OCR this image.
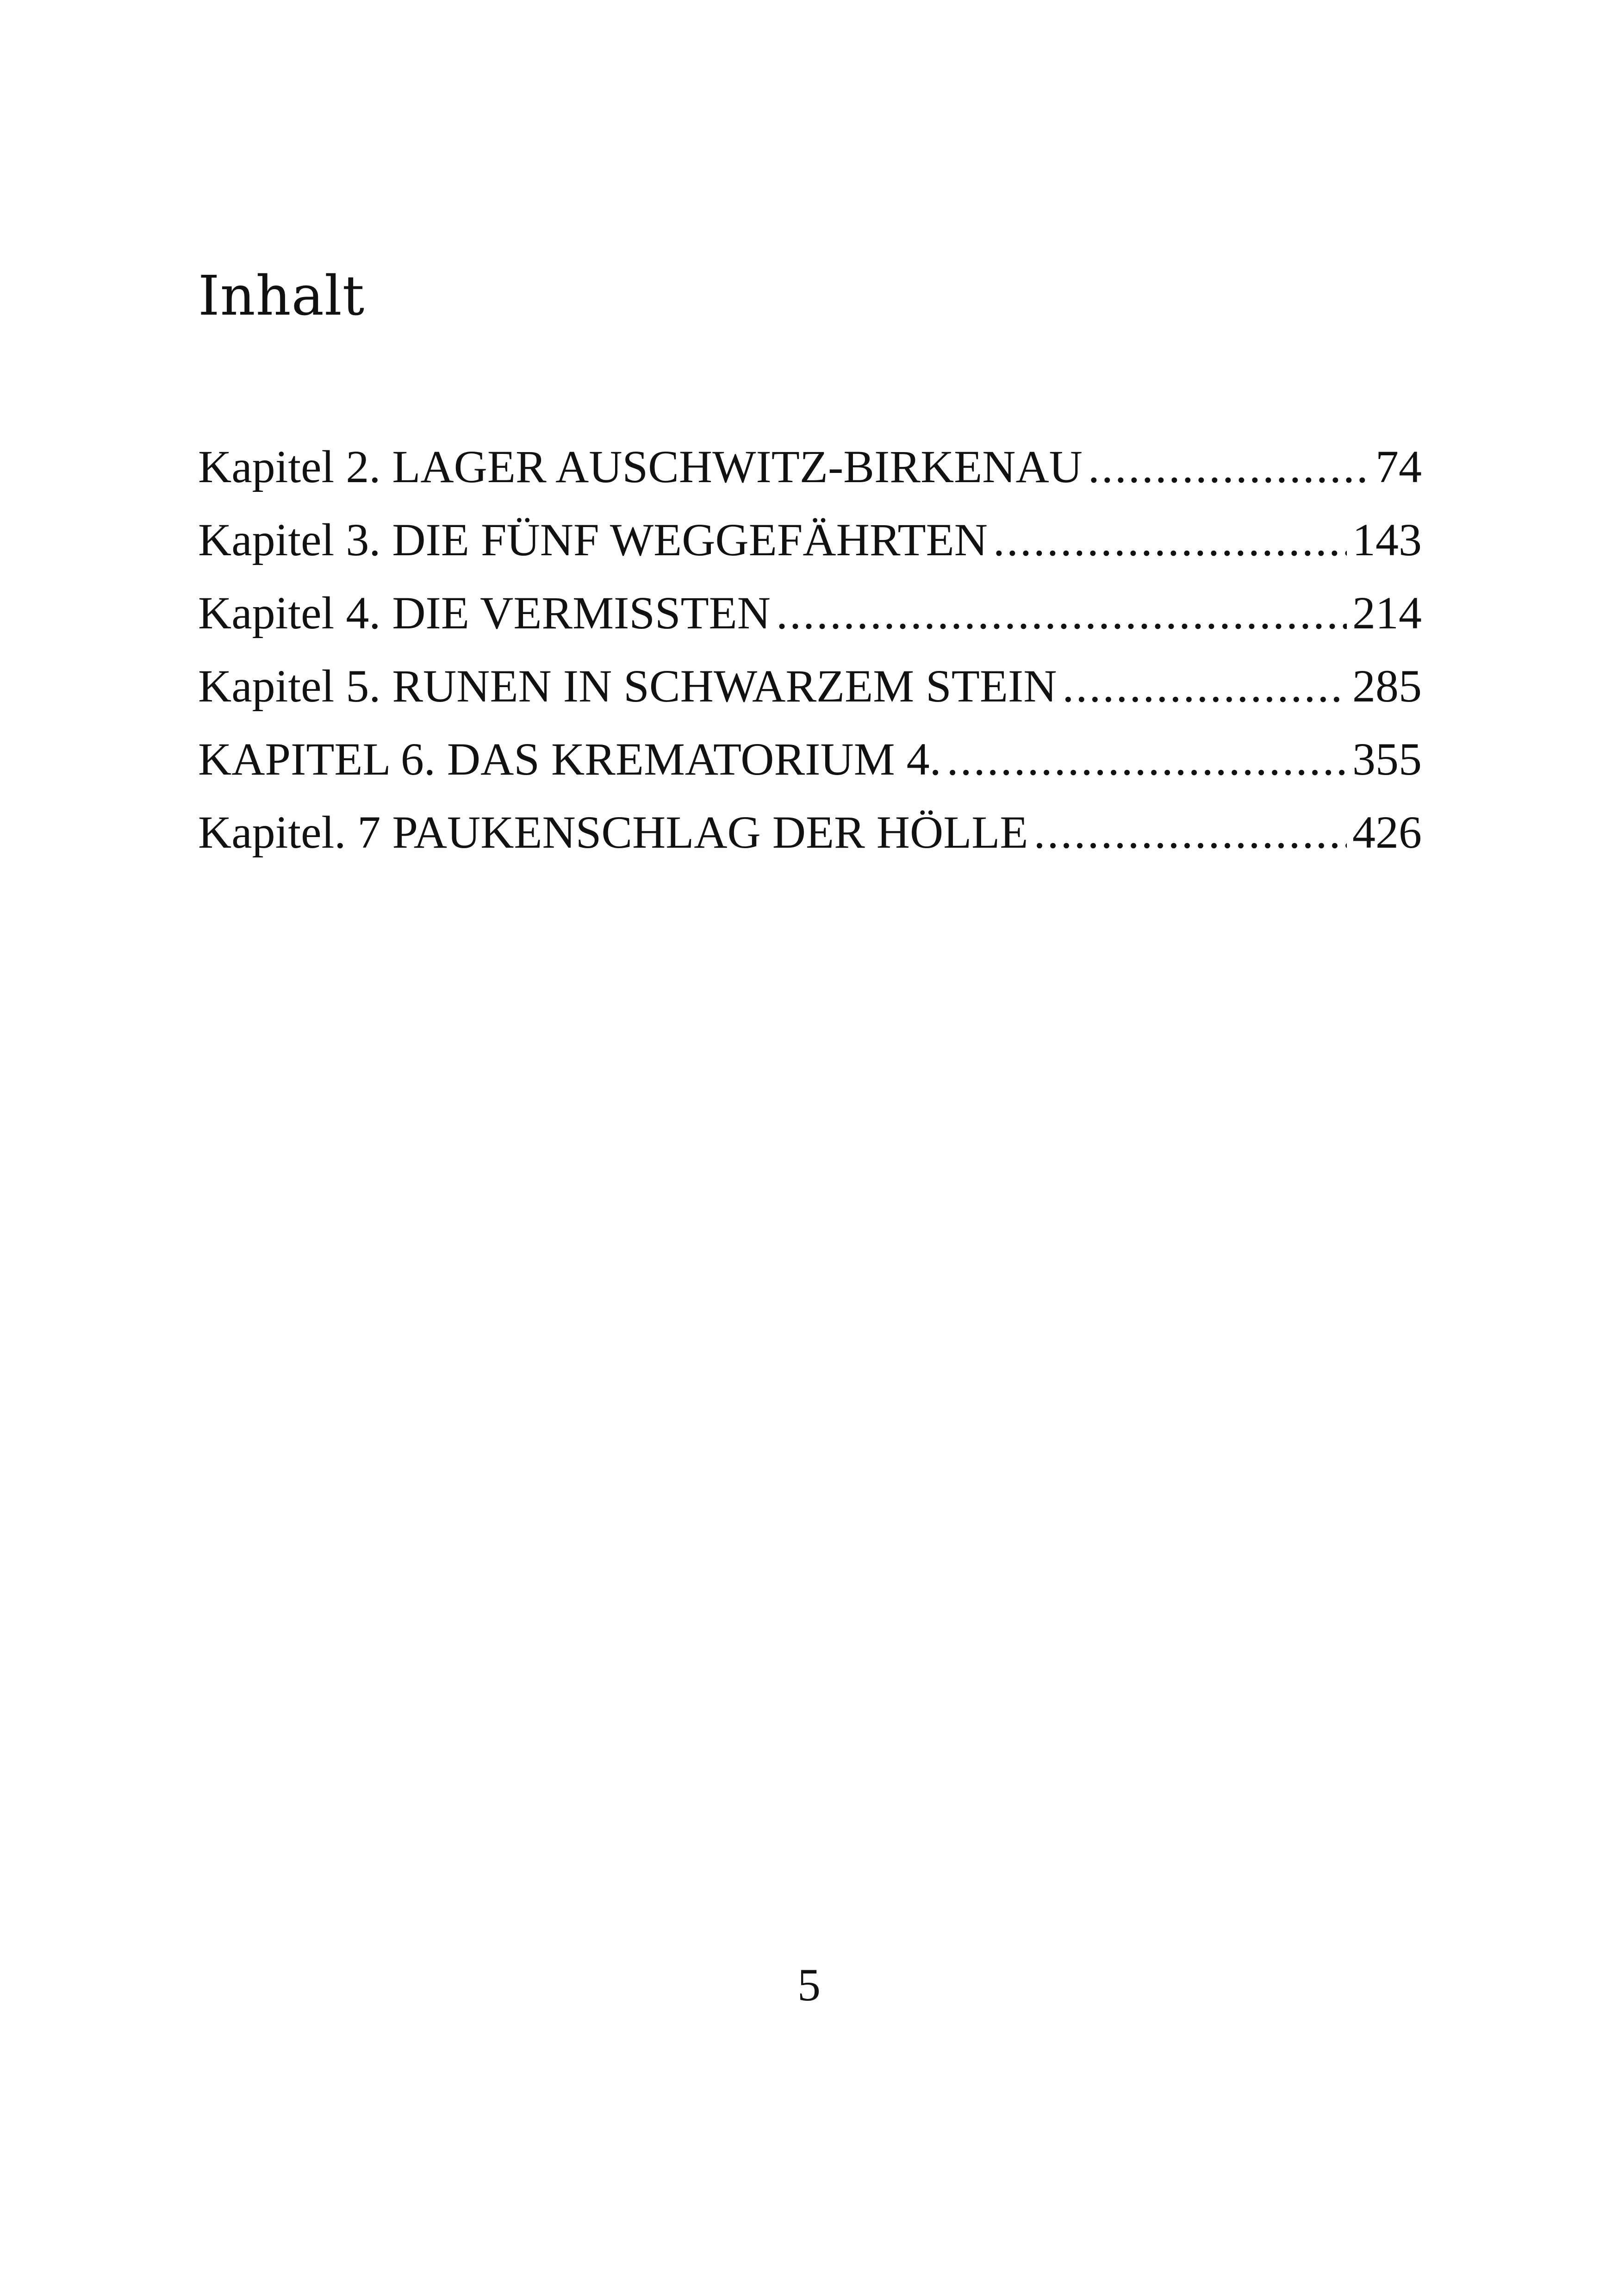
Inhalt
Kapitel 2. LAGER AUSCHWITZ-BIRKENAU .....	74
Kapitel 3. DIE FÜNF WEGGEFÄHRTEN .....	143
Kapitel 4. DIE VERMISSTEN .....	214
Kapitel 5. RUNEN IN SCHWARZEM STEIN .....	285
KAPITEL 6. DAS KREMATORIUM 4. .....	355
Kapitel. 7 PAUKENSCHLAG DER HÖLLE .....	426
5
